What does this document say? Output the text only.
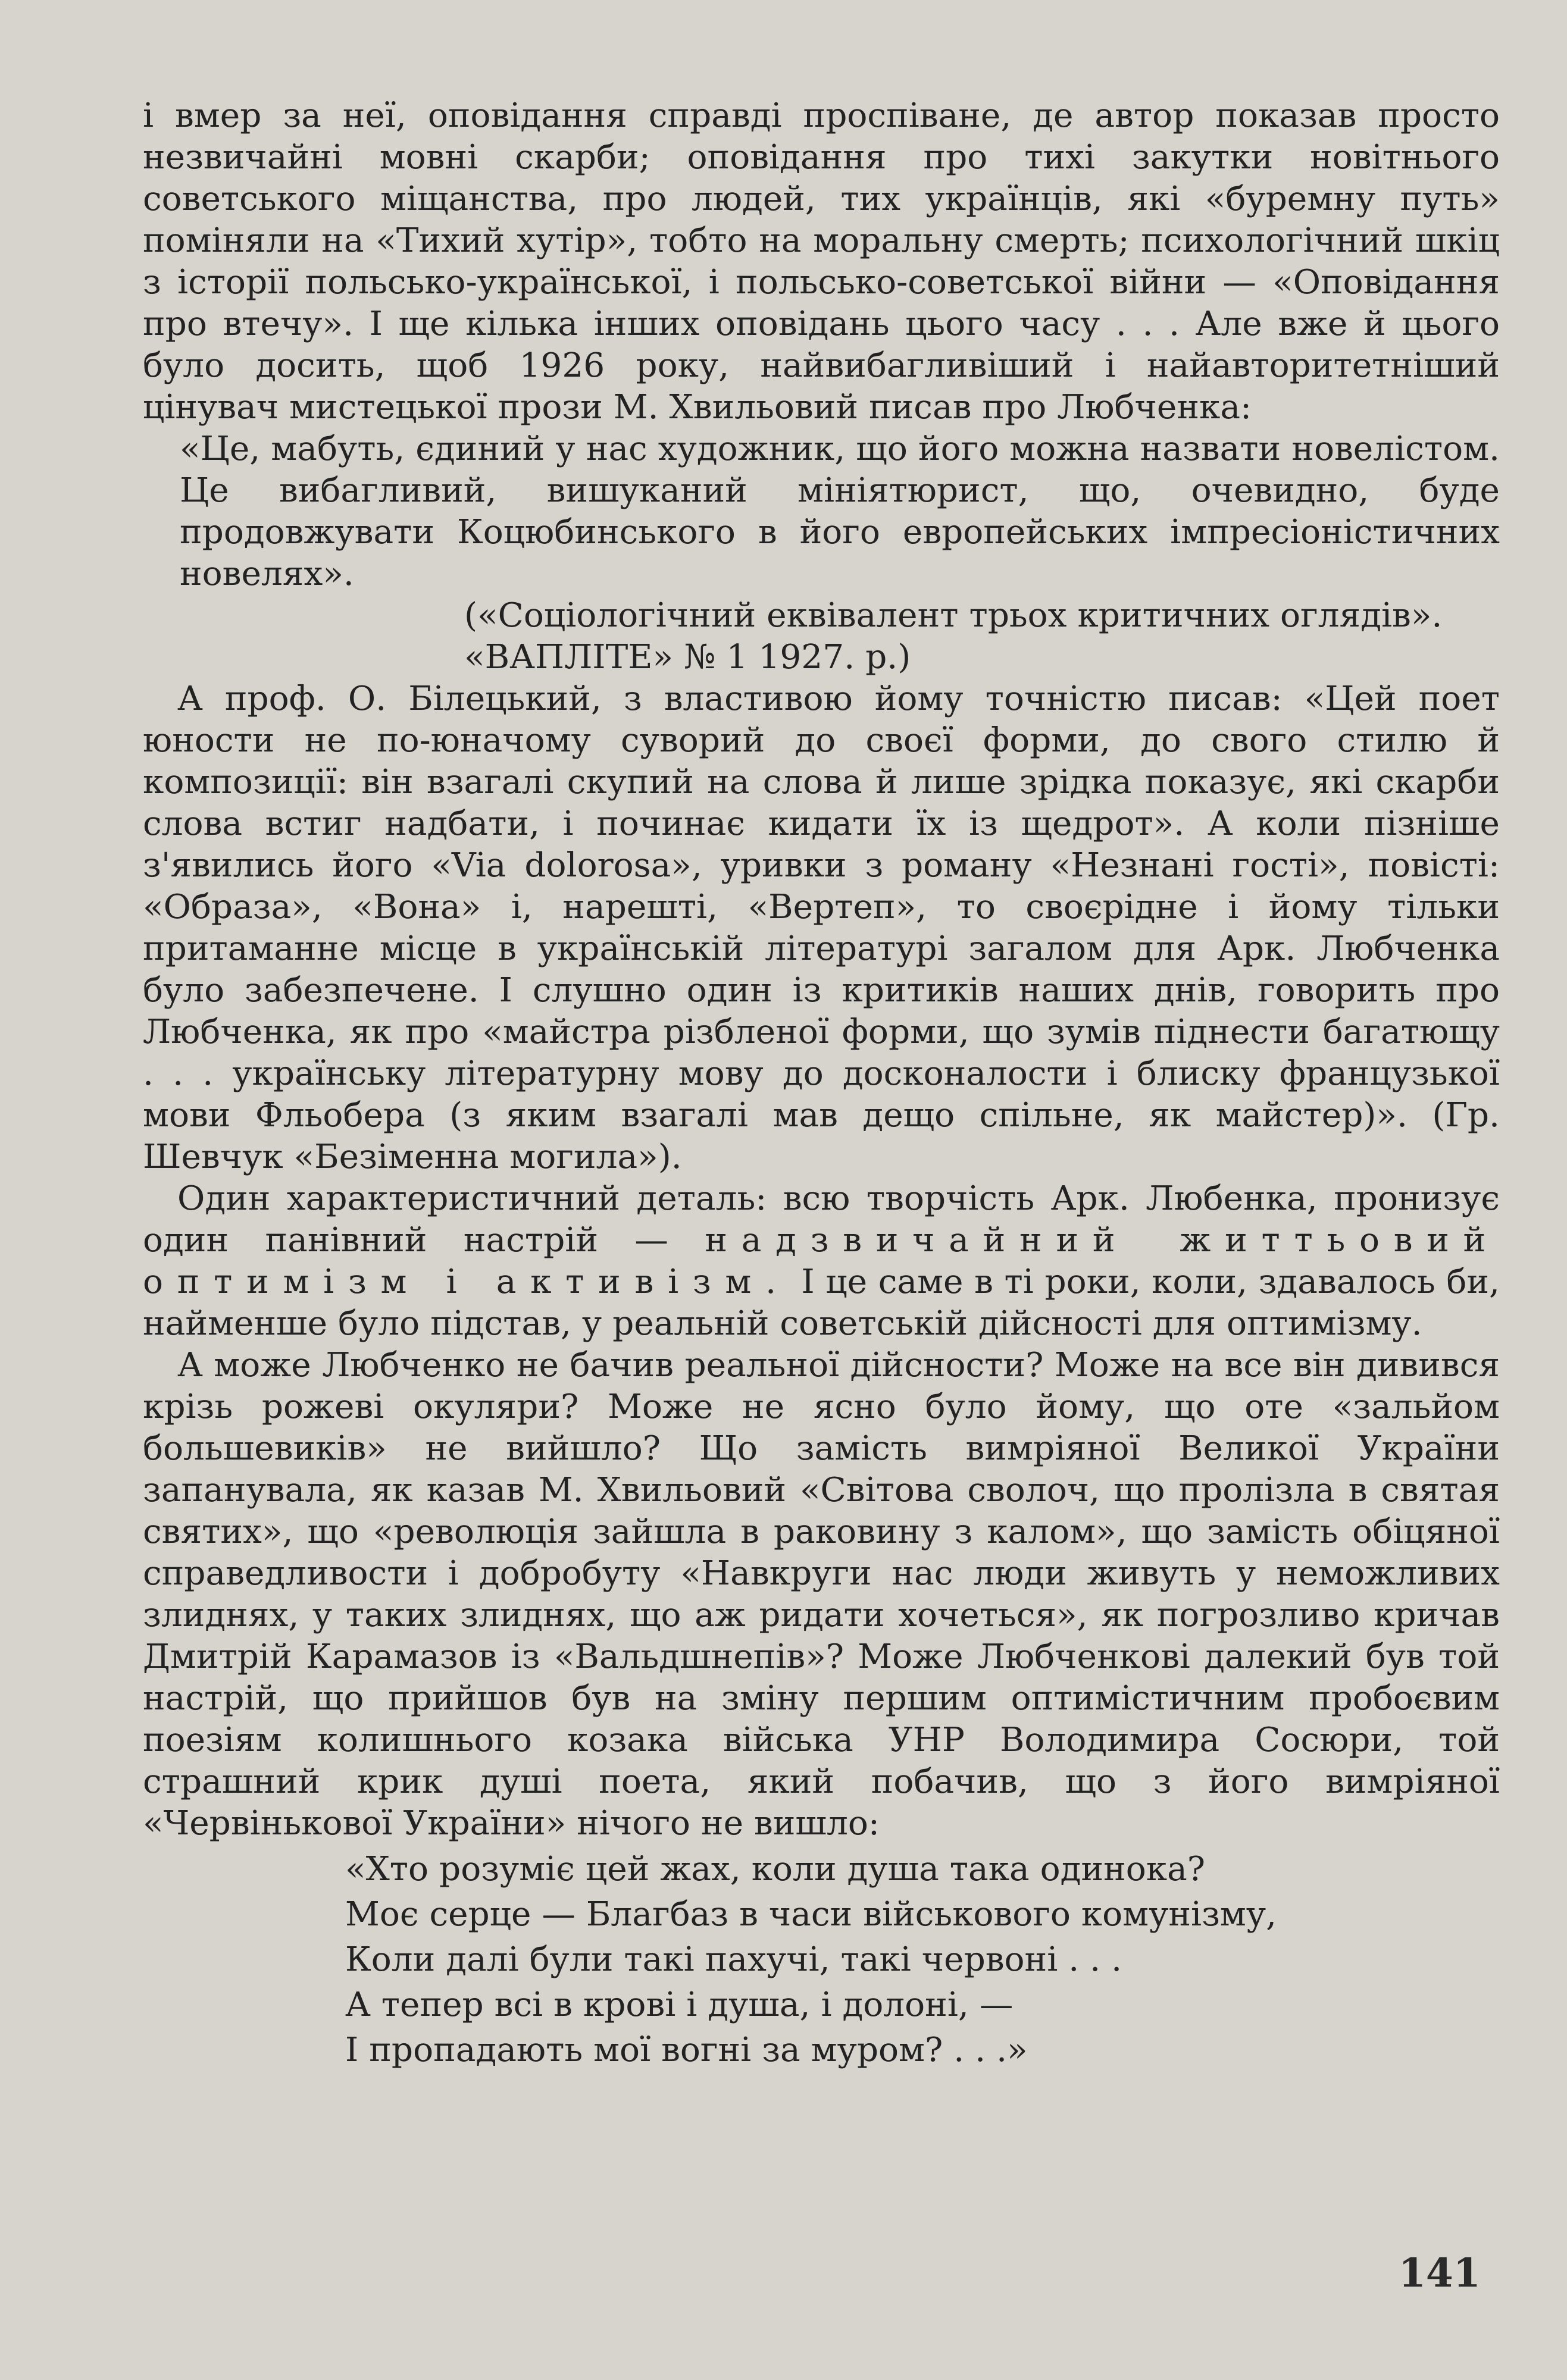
і вмер за неї, оповідання справді проспіване, де автор показав просто незвичайні мовні скарби; оповідання про тихі закутки новітнього советського міщанства, про людей, тих українців, які «буремну путь» поміняли на «Тихий хутір», тобто на моральну смерть; психологічний шкіц з історії польсько-української, і польсько-советської війни — «Оповідання про втечу». І ще кілька інших оповідань цього часу . . . Але вже й цього було досить, щоб 1926 року, найвибагливіший і найавторитетніший цінувач мистецької прози М. Хвильовий писав про Любченка:

«Це, мабуть, єдиний у нас художник, що його можна назвати новелістом. Це вибагливий, вишуканий мініятюрист, що, очевидно, буде продовжувати Коцюбинського в його европейських імпресіоністичних новелях».

(«Соціологічний еквівалент трьох критичних оглядів».

«ВАПЛІТЕ» № 1 1927. р.)

А проф. О. Білецький, з властивою йому точністю писав: «Цей поет юности не по-юначому суворий до своєї форми, до свого стилю й композиції: він взагалі скупий на слова й лише зрідка показує, які скарби слова встиг надбати, і починає кидати їх із щедрот». А коли пізніше з'явились його «Via dolorosa», уривки з роману «Незнані гості», повісті: «Образа», «Вона» і, нарешті, «Вертеп», то своєрідне і йому тільки притаманне місце в українській літературі загалом для Арк. Любченка було забезпечене. І слушно один із критиків наших днів, говорить про Любченка, як про «майстра різбленої форми, що зумів піднести багатющу . . . українську літературну мову до досконалости і блиску французької мови Фльобера (з яким взагалі мав дещо спільне, як майстер)». (Гр. Шевчук «Безіменна могила»).

Один характеристичний деталь: всю творчість Арк. Любенка, пронизує один панівний настрій — надзвичайний життьовий оптимізм і активізм. І це саме в ті роки, коли, здавалось би, найменше було підстав, у реальній советській дійсності для оптимізму.

А може Любченко не бачив реальної дійсности? Може на все він дивився крізь рожеві окуляри? Може не ясно було йому, що оте «зальйом большевиків» не вийшло? Що замість вимріяної Великої України запанувала, як казав М. Хвильовий «Світова сволоч, що пролізла в святая святих», що «революція зайшла в раковину з калом», що замість обіцяної справедливости і добробуту «Навкруги нас люди живуть у неможливих злиднях, у таких злиднях, що аж ридати хочеться», як погрозливо кричав Дмитрій Карамазов із «Вальдшнепів»? Може Любченкові далекий був той настрій, що прийшов був на зміну першим оптимістичним пробоєвим поезіям колишнього козака війська УНР Володимира Сосюри, той страшний крик душі поета, який побачив, що з його вимріяної «Червінькової України» нічого не вишло:

«Хто розуміє цей жах, коли душа така одинока?

Моє серце — Благбаз в часи військового комунізму,

Коли далі були такі пахучі, такі червоні . . .

А тепер всі в крові і душа, і долоні, —

І пропадають мої вогні за муром? . . .»

141
